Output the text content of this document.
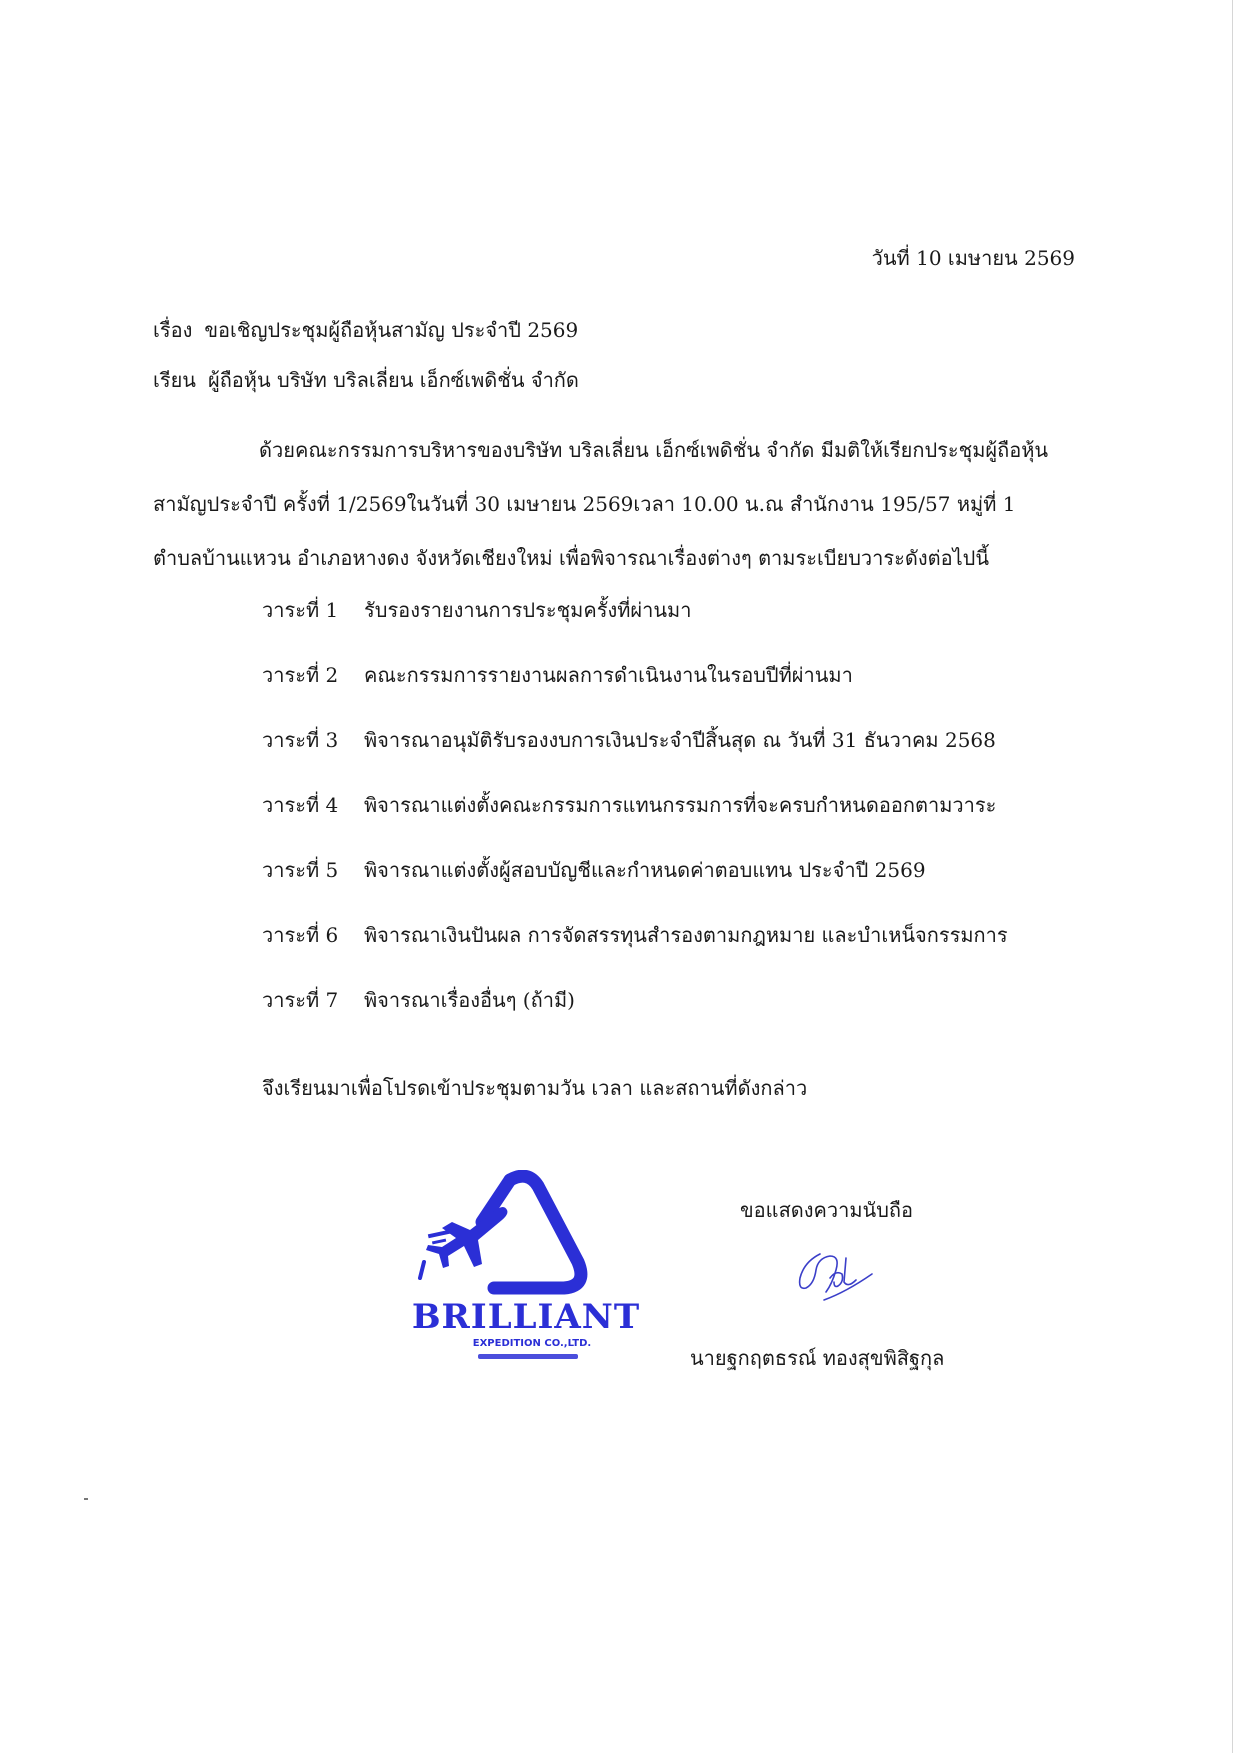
วันที่ 10 เมษายน 2569
เรื่อง ขอเชิญประชุมผู้ถือหุ้นสามัญ ประจำปี 2569
เรียน ผู้ถือหุ้น บริษัท บริลเลี่ยน เอ็กซ์เพดิชั่น จำกัด
ด้วยคณะกรรมการบริหารของบริษัท บริลเลี่ยน เอ็กซ์เพดิชั่น จำกัด มีมติให้เรียกประชุมผู้ถือหุ้น
สามัญประจำปี ครั้งที่ 1/2569ในวันที่ 30 เมษายน 2569เวลา 10.00 น.ณ สำนักงาน 195/57 หมู่ที่ 1
ตำบลบ้านแหวน อำเภอหางดง จังหวัดเชียงใหม่ เพื่อพิจารณาเรื่องต่างๆ ตามระเบียบวาระดังต่อไปนี้
วาระที่ 1 รับรองรายงานการประชุมครั้งที่ผ่านมา
วาระที่ 2 คณะกรรมการรายงานผลการดำเนินงานในรอบปีที่ผ่านมา
วาระที่ 3 พิจารณาอนุมัติรับรองงบการเงินประจำปีสิ้นสุด ณ วันที่ 31 ธันวาคม 2568
วาระที่ 4 พิจารณาแต่งตั้งคณะกรรมการแทนกรรมการที่จะครบกำหนดออกตามวาระ
วาระที่ 5 พิจารณาแต่งตั้งผู้สอบบัญชีและกำหนดค่าตอบแทน ประจำปี 2569
วาระที่ 6 พิจารณาเงินปันผล การจัดสรรทุนสำรองตามกฎหมาย และบำเหน็จกรรมการ
วาระที่ 7 พิจารณาเรื่องอื่นๆ (ถ้ามี)
จึงเรียนมาเพื่อโปรดเข้าประชุมตามวัน เวลา และสถานที่ดังกล่าว
BRILLIANT
EXPEDITION CO.,LTD.
ขอแสดงความนับถือ
นายฐกฤตธรณ์ ทองสุขพิสิฐกุล
